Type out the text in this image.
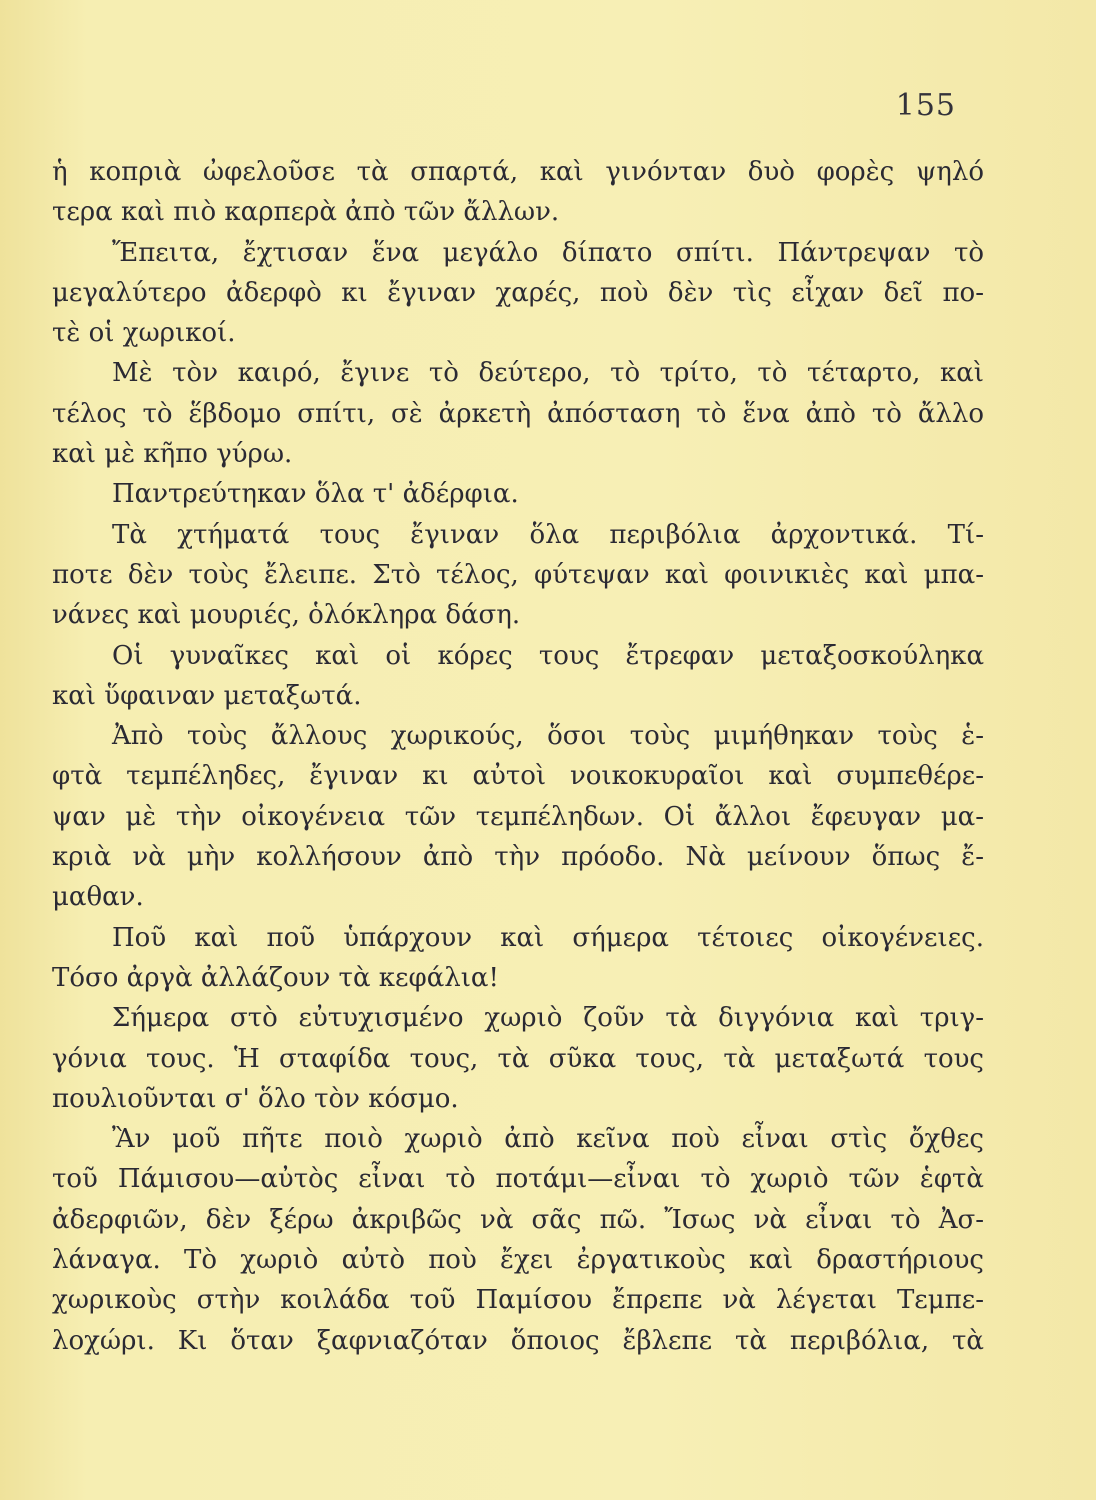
155
ἡ κοπριὰ ὠφελοῦσε τὰ σπαρτά, καὶ γινόνταν δυὸ φορὲς ψηλό
τερα καὶ πιὸ καρπερὰ ἀπὸ τῶν ἄλλων.
Ἔπειτα, ἔχτισαν ἕνα μεγάλο δίπατο σπίτι. Πάντρεψαν τὸ
μεγαλύτερο ἀδερφὸ κι ἔγιναν χαρές, ποὺ δὲν τὶς εἶχαν δεῖ πο-
τὲ οἱ χωρικοί.
Μὲ τὸν καιρό, ἔγινε τὸ δεύτερο, τὸ τρίτο, τὸ τέταρτο, καὶ
τέλος τὸ ἕβδομο σπίτι, σὲ ἀρκετὴ ἀπόσταση τὸ ἕνα ἀπὸ τὸ ἄλλο
καὶ μὲ κῆπο γύρω.
Παντρεύτηκαν ὅλα τ' ἀδέρφια.
Τὰ χτήματά τους ἔγιναν ὅλα περιβόλια ἀρχοντικά. Τί-
ποτε δὲν τοὺς ἔλειπε. Στὸ τέλος, φύτεψαν καὶ φοινικιὲς καὶ μπα-
νάνες καὶ μουριές, ὁλόκληρα δάση.
Οἱ γυναῖκες καὶ οἱ κόρες τους ἔτρεφαν μεταξοσκούληκα
καὶ ὕφαιναν μεταξωτά.
Ἀπὸ τοὺς ἄλλους χωρικούς, ὅσοι τοὺς μιμήθηκαν τοὺς ἑ-
φτὰ τεμπέληδες, ἔγιναν κι αὐτοὶ νοικοκυραῖοι καὶ συμπεθέρε-
ψαν μὲ τὴν οἰκογένεια τῶν τεμπέληδων. Οἱ ἄλλοι ἔφευγαν μα-
κριὰ νὰ μὴν κολλήσουν ἀπὸ τὴν πρόοδο. Νὰ μείνουν ὅπως ἔ-
μαθαν.
Ποῦ καὶ ποῦ ὑπάρχουν καὶ σήμερα τέτοιες οἰκογένειες.
Τόσο ἀργὰ ἀλλάζουν τὰ κεφάλια!
Σήμερα στὸ εὐτυχισμένο χωριὸ ζοῦν τὰ διγγόνια καὶ τριγ-
γόνια τους. Ἡ σταφίδα τους, τὰ σῦκα τους, τὰ μεταξωτά τους
πουλιοῦνται σ' ὅλο τὸν κόσμο.
Ἂν μοῦ πῆτε ποιὸ χωριὸ ἀπὸ κεῖνα ποὺ εἶναι στὶς ὄχθες
τοῦ Πάμισου—αὐτὸς εἶναι τὸ ποτάμι—εἶναι τὸ χωριὸ τῶν ἑφτὰ
ἀδερφιῶν, δὲν ξέρω ἀκριβῶς νὰ σᾶς πῶ. Ἴσως νὰ εἶναι τὸ Ἀσ-
λάναγα. Τὸ χωριὸ αὐτὸ ποὺ ἔχει ἐργατικοὺς καὶ δραστήριους
χωρικοὺς στὴν κοιλάδα τοῦ Παμίσου ἔπρεπε νὰ λέγεται Τεμπε-
λοχώρι. Κι ὅταν ξαφνιαζόταν ὅποιος ἔβλεπε τὰ περιβόλια, τὰ
